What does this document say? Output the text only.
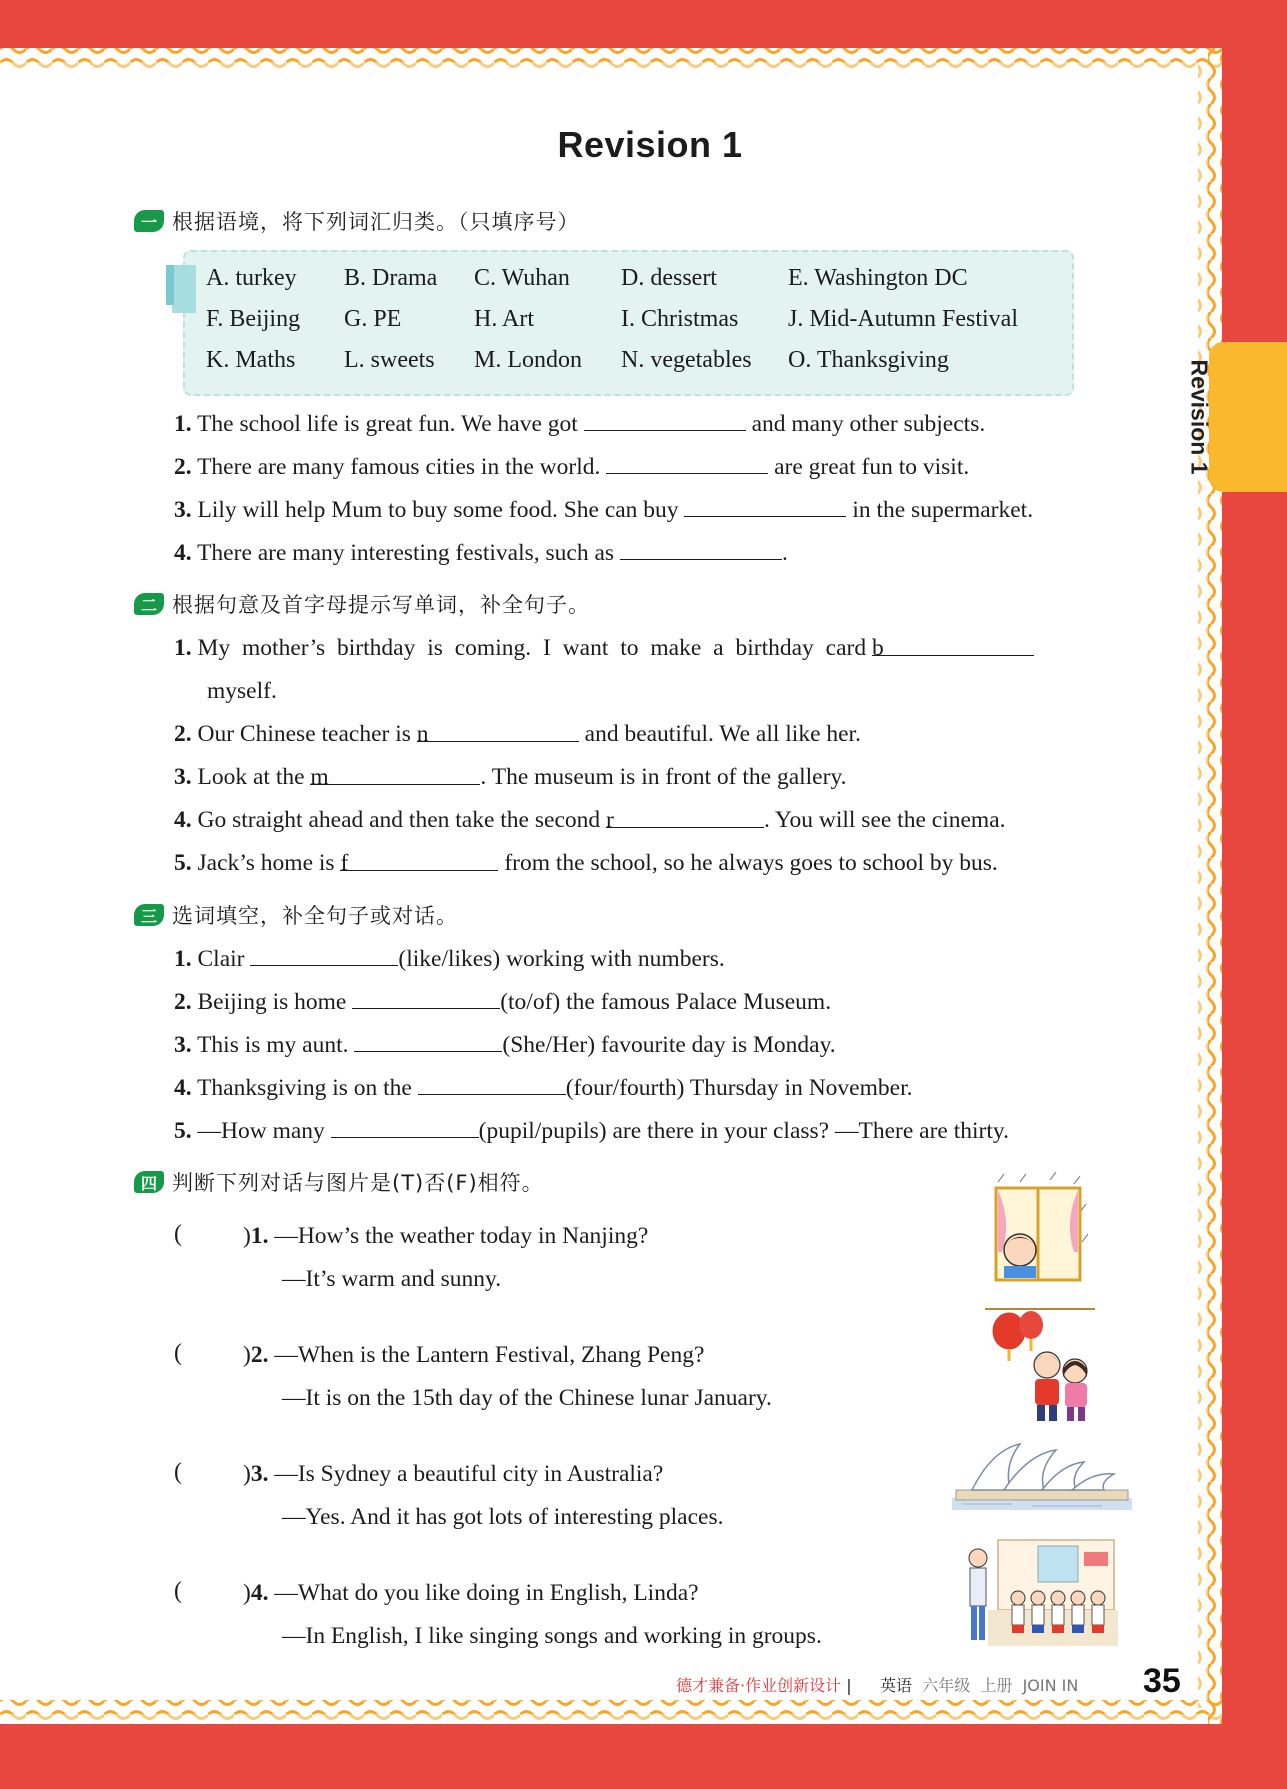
Revision 1
Revision 1
一 根据语境，将下列词汇归类。（只填序号）
A. turkey B. Drama C. Wuhan D. dessert	E. Washington DC
F. Beijing G. PE	H. Art	I. Christmas J. Mid-Autumn Festival
K. Maths L. sweets M. London N. vegetables O. Thanksgiving
1. The school life is great fun. We have got	and many other subjects.
2. There are many famous cities in the world.	are great fun to visit.
3. Lily will help Mum to buy some food. She can buy	in the supermarket.
4. There are many interesting festivals, such as	.
二 根据句意及首字母提示写单词，补全句子。
1. My mother’s birthday is coming. I want to make a birthday card b
myself.
2. Our Chinese teacher is n	and beautiful. We all like her.
3. Look at the m	. The museum is in front of the gallery.
4. Go straight ahead and then take the second r	. You will see the cinema.
5. Jack’s home is f	from the school, so he always goes to school by bus.
三 选词填空，补全句子或对话。
1. Clair	(like/likes) working with numbers.
2. Beijing is home	(to/of) the famous Palace Museum.
3. This is my aunt.	(She/Her) favourite day is Monday.
4. Thanksgiving is on the	(four/fourth) Thursday in November.
5. —How many	(pupil/pupils) are there in your class? —There are thirty.
四 判断下列对话与图片是(T)否(F)相符。
(	)1. —How’s the weather today in Nanjing?
—It’s warm and sunny.
(	)2. —When is the Lantern Festival, Zhang Peng?
—It is on the 15th day of the Chinese lunar January.
(	)3. —Is Sydney a beautiful city in Australia?
—Yes. And it has got lots of interesting places.
(	)4. —What do you like doing in English, Linda?
—In English, I like singing songs and working in groups.
德才兼备·作业创新设计 | 英语 六年级 上册 JOIN IN 35
